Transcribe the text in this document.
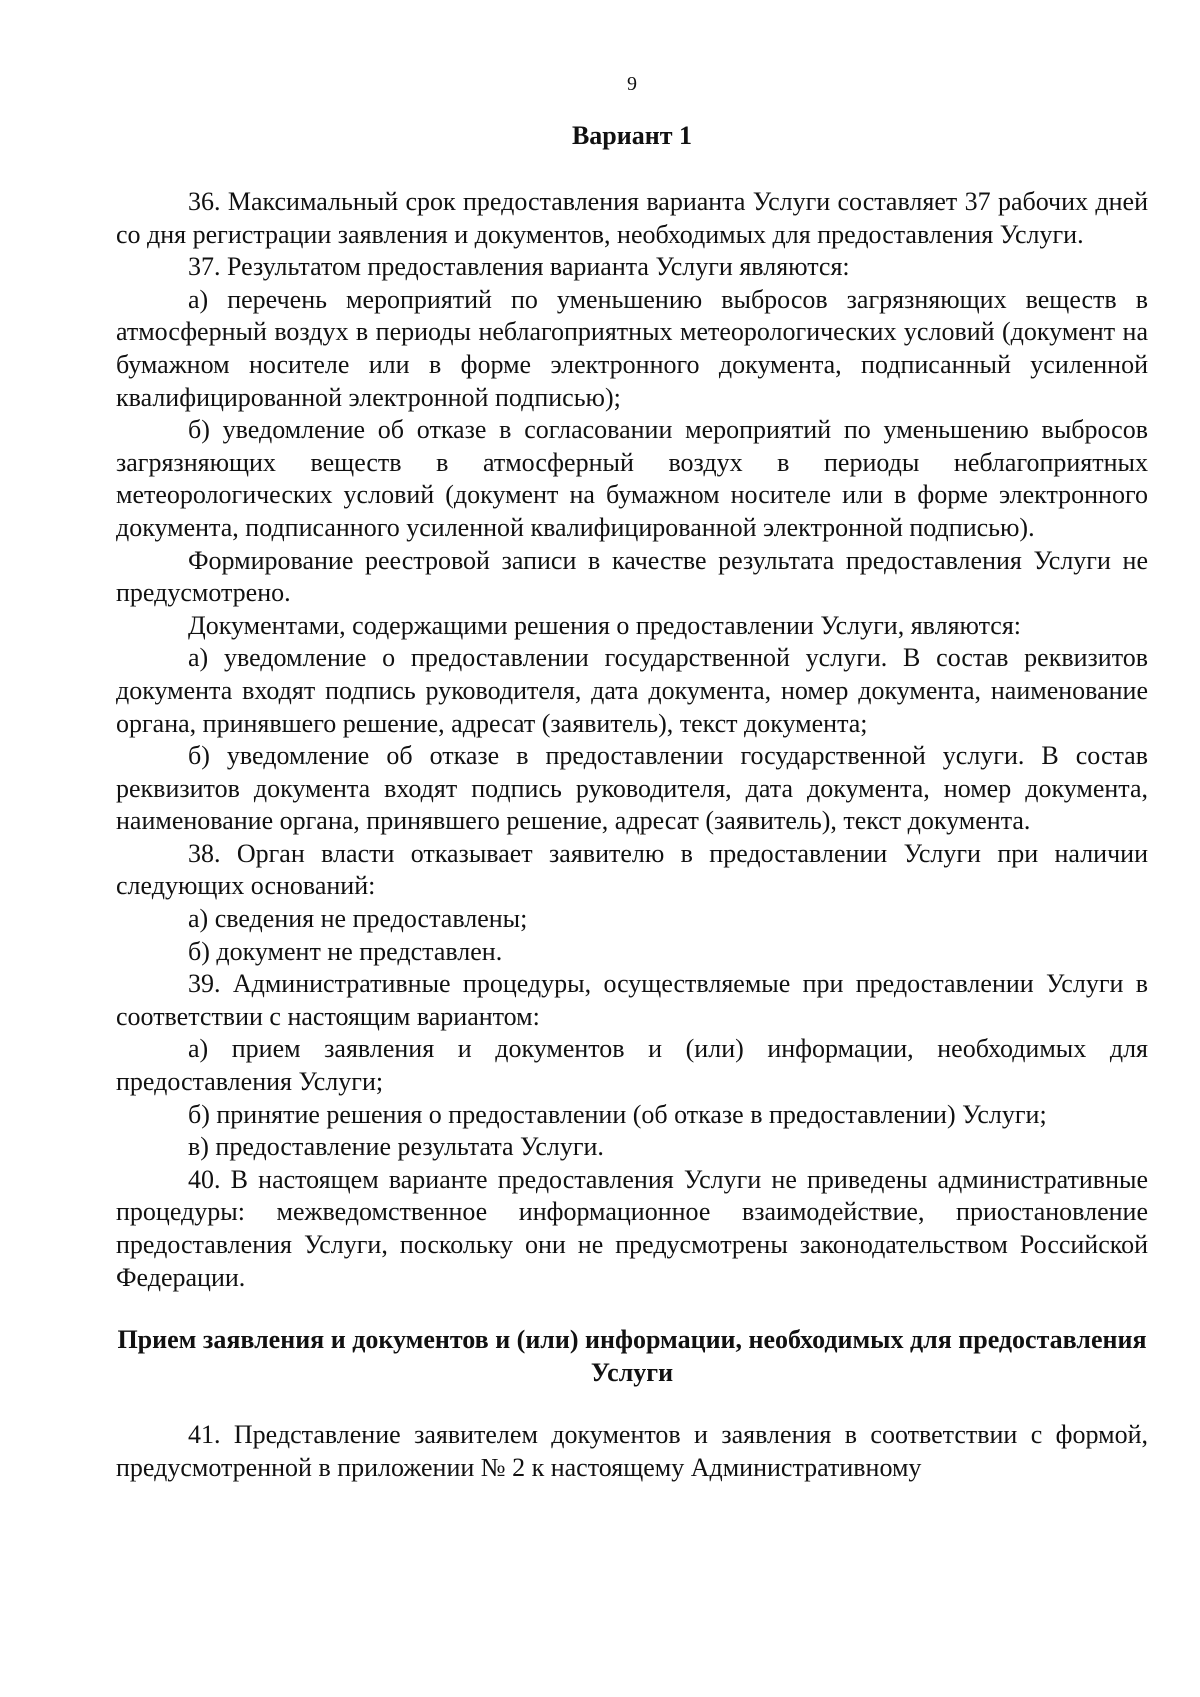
9
Вариант 1

36. Максимальный срок предоставления варианта Услуги составляет 37 рабочих дней со дня регистрации заявления и документов, необходимых для предоставления Услуги.

37. Результатом предоставления варианта Услуги являются:

а) перечень мероприятий по уменьшению выбросов загрязняющих веществ в атмосферный воздух в периоды неблагоприятных метеорологических условий (документ на бумажном носителе или в форме электронного документа, подписанный усиленной квалифицированной электронной подписью);

б) уведомление об отказе в согласовании мероприятий по уменьшению выбросов загрязняющих веществ в атмосферный воздух в периоды неблагоприятных метеорологических условий (документ на бумажном носителе или в форме электронного документа, подписанного усиленной квалифицированной электронной подписью).

Формирование реестровой записи в качестве результата предоставления Услуги не предусмотрено.

Документами, содержащими решения о предоставлении Услуги, являются:

а) уведомление о предоставлении государственной услуги. В состав реквизитов документа входят подпись руководителя, дата документа, номер документа, наименование органа, принявшего решение, адресат (заявитель), текст документа;

б) уведомление об отказе в предоставлении государственной услуги. В состав реквизитов документа входят подпись руководителя, дата документа, номер документа, наименование органа, принявшего решение, адресат (заявитель), текст документа.

38. Орган власти отказывает заявителю в предоставлении Услуги при наличии следующих оснований:

а) сведения не предоставлены;

б) документ не представлен.

39. Административные процедуры, осуществляемые при предоставлении Услуги в соответствии с настоящим вариантом:

а) прием заявления и документов и (или) информации, необходимых для предоставления Услуги;

б) принятие решения о предоставлении (об отказе в предоставлении) Услуги;

в) предоставление результата Услуги.

40. В настоящем варианте предоставления Услуги не приведены административные процедуры: межведомственное информационное взаимодействие, приостановление предоставления Услуги, поскольку они не предусмотрены законодательством Российской Федерации.

Прием заявления и документов и (или) информации, необходимых для предоставления Услуги

41. Представление заявителем документов и заявления в соответствии с формой, предусмотренной в приложении № 2 к настоящему Административному
